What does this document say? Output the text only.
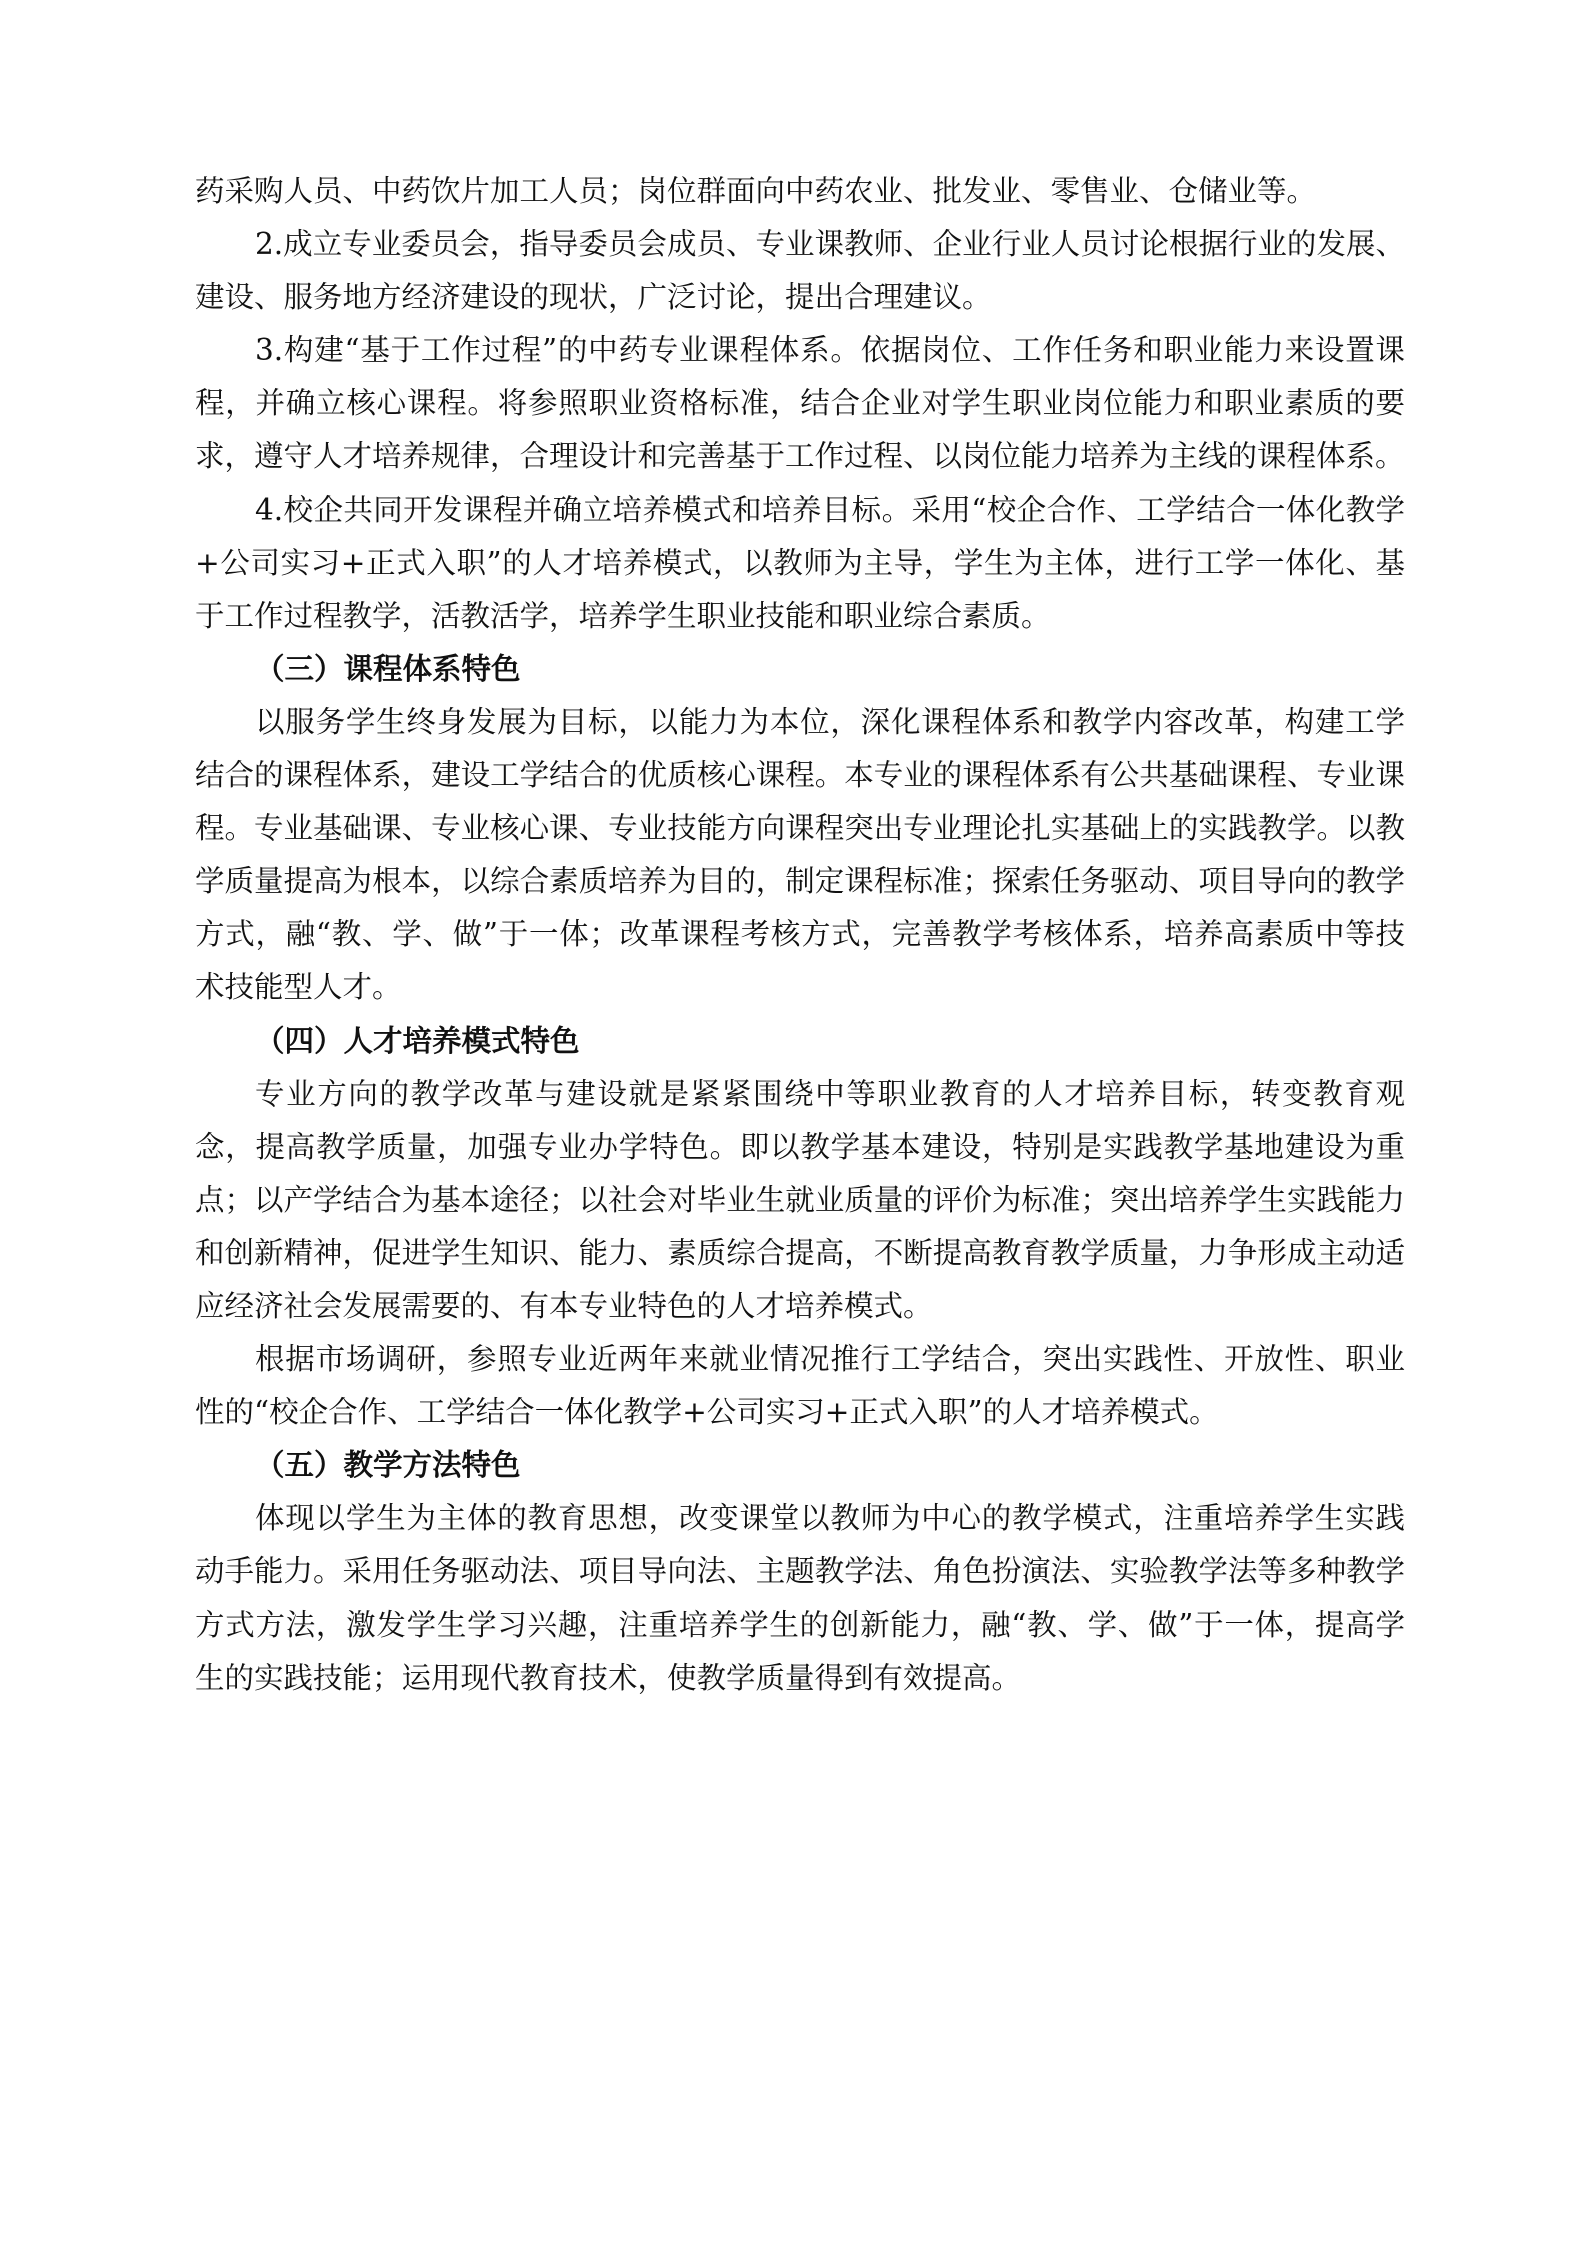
药采购人员、中药饮片加工人员；岗位群面向中药农业、批发业、零售业、仓储业等。

2.成立专业委员会，指导委员会成员、专业课教师、企业行业人员讨论根据行业的发展、建设、服务地方经济建设的现状，广泛讨论，提出合理建议。

3.构建“基于工作过程”的中药专业课程体系。依据岗位、工作任务和职业能力来设置课程，并确立核心课程。将参照职业资格标准，结合企业对学生职业岗位能力和职业素质的要求，遵守人才培养规律，合理设计和完善基于工作过程、以岗位能力培养为主线的课程体系。

4.校企共同开发课程并确立培养模式和培养目标。采用“校企合作、工学结合一体化教学+公司实习+正式入职”的人才培养模式，以教师为主导，学生为主体，进行工学一体化、基于工作过程教学，活教活学，培养学生职业技能和职业综合素质。

（三）课程体系特色

以服务学生终身发展为目标，以能力为本位，深化课程体系和教学内容改革，构建工学结合的课程体系，建设工学结合的优质核心课程。本专业的课程体系有公共基础课程、专业课程。专业基础课、专业核心课、专业技能方向课程突出专业理论扎实基础上的实践教学。以教学质量提高为根本，以综合素质培养为目的，制定课程标准；探索任务驱动、项目导向的教学方式，融“教、学、做”于一体；改革课程考核方式，完善教学考核体系，培养高素质中等技术技能型人才。

（四）人才培养模式特色

专业方向的教学改革与建设就是紧紧围绕中等职业教育的人才培养目标，转变教育观念，提高教学质量，加强专业办学特色。即以教学基本建设，特别是实践教学基地建设为重点；以产学结合为基本途径；以社会对毕业生就业质量的评价为标准；突出培养学生实践能力和创新精神，促进学生知识、能力、素质综合提高，不断提高教育教学质量，力争形成主动适应经济社会发展需要的、有本专业特色的人才培养模式。

根据市场调研，参照专业近两年来就业情况推行工学结合，突出实践性、开放性、职业性的“校企合作、工学结合一体化教学+公司实习+正式入职”的人才培养模式。

（五）教学方法特色

体现以学生为主体的教育思想，改变课堂以教师为中心的教学模式，注重培养学生实践动手能力。采用任务驱动法、项目导向法、主题教学法、角色扮演法、实验教学法等多种教学方式方法，激发学生学习兴趣，注重培养学生的创新能力，融“教、学、做”于一体，提高学生的实践技能；运用现代教育技术，使教学质量得到有效提高。
